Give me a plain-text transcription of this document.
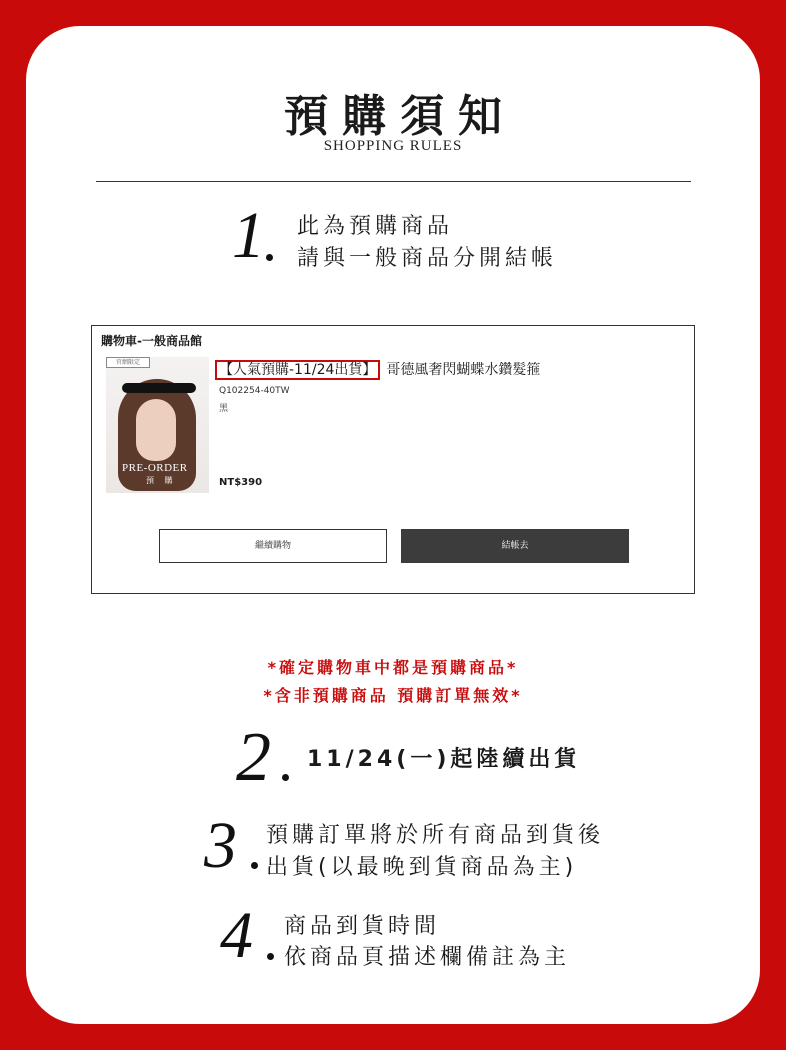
預購須知
SHOPPING RULES
1 此為預購商品
請與一般商品分開結帳
購物車-一般商品館
PRE-ORDER
預 購
官網限定	【人氣預購-11/24出貨】 哥德風奢閃蝴蝶水鑽髮箍
Q102254-40TW
黑
NT$390
繼續購物	結帳去
*確定購物車中都是預購商品*
*含非預購商品 預購訂單無效*
2 11/24(一)起陸續出貨
3 預購訂單將於所有商品到貨後
出貨(以最晚到貨商品為主)
4 商品到貨時間
依商品頁描述欄備註為主
